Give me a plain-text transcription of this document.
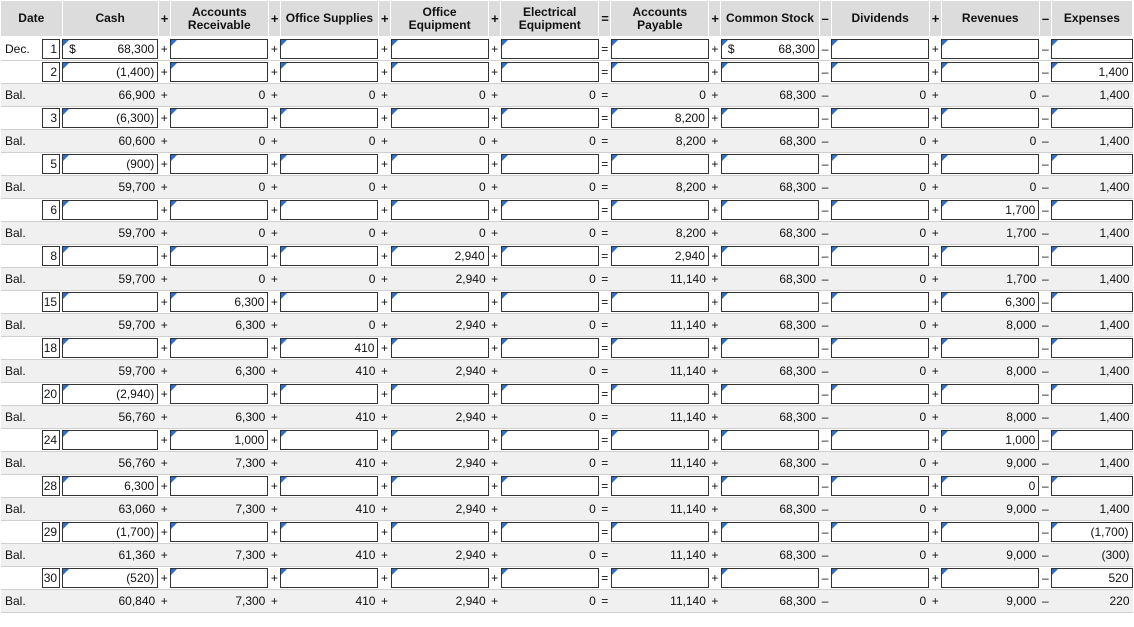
Date		Cash	+	Accounts Receivable	+	Office Supplies	+	Office Equipment	+	Electrical Equipment	=	Accounts Payable	+	Common Stock	–	Dividends	+	Revenues	–	Expenses
Dec.	1	$ 68,300	+		+		+		+		=		+	$ 68,300	–		+		–	

	2	(1,400)	+		+		+		+		=		+		–		+		–	1,400

Bal.		66,900	+	0	+	0	+	0	+	0	=	0	+	68,300	–	0	+	0	–	1,400
	3	(6,300)	+		+		+		+		=	8,200	+		–		+		–	

Bal.		60,600	+	0	+	0	+	0	+	0	=	8,200	+	68,300	–	0	+	0	–	1,400
	5	(900)	+		+		+		+		=		+		–		+		–	

Bal.		59,700	+	0	+	0	+	0	+	0	=	8,200	+	68,300	–	0	+	0	–	1,400
	6		+		+		+		+		=		+		–		+	1,700	–	

Bal.		59,700	+	0	+	0	+	0	+	0	=	8,200	+	68,300	–	0	+	1,700	–	1,400
	8		+		+		+	2,940	+		=	2,940	+		–		+		–	

Bal.		59,700	+	0	+	0	+	2,940	+	0	=	11,140	+	68,300	–	0	+	1,700	–	1,400
	15		+	6,300	+		+		+		=		+		–		+	6,300	–	

Bal.		59,700	+	6,300	+	0	+	2,940	+	0	=	11,140	+	68,300	–	0	+	8,000	–	1,400
	18		+		+	410	+		+		=		+		–		+		–	

Bal.		59,700	+	6,300	+	410	+	2,940	+	0	=	11,140	+	68,300	–	0	+	8,000	–	1,400
	20	(2,940)	+		+		+		+		=		+		–		+		–	

Bal.		56,760	+	6,300	+	410	+	2,940	+	0	=	11,140	+	68,300	–	0	+	8,000	–	1,400
	24		+	1,000	+		+		+		=		+		–		+	1,000	–	

Bal.		56,760	+	7,300	+	410	+	2,940	+	0	=	11,140	+	68,300	–	0	+	9,000	–	1,400
	28	6,300	+		+		+		+		=		+		–		+	0	–	

Bal.		63,060	+	7,300	+	410	+	2,940	+	0	=	11,140	+	68,300	–	0	+	9,000	–	1,400
	29	(1,700)	+		+		+		+		=		+		–		+		–	(1,700)

Bal.		61,360	+	7,300	+	410	+	2,940	+	0	=	11,140	+	68,300	–	0	+	9,000	–	(300)
	30	(520)	+		+		+		+		=		+		–		+		–	520

Bal.		60,840	+	7,300	+	410	+	2,940	+	0	=	11,140	+	68,300	–	0	+	9,000	–	220
